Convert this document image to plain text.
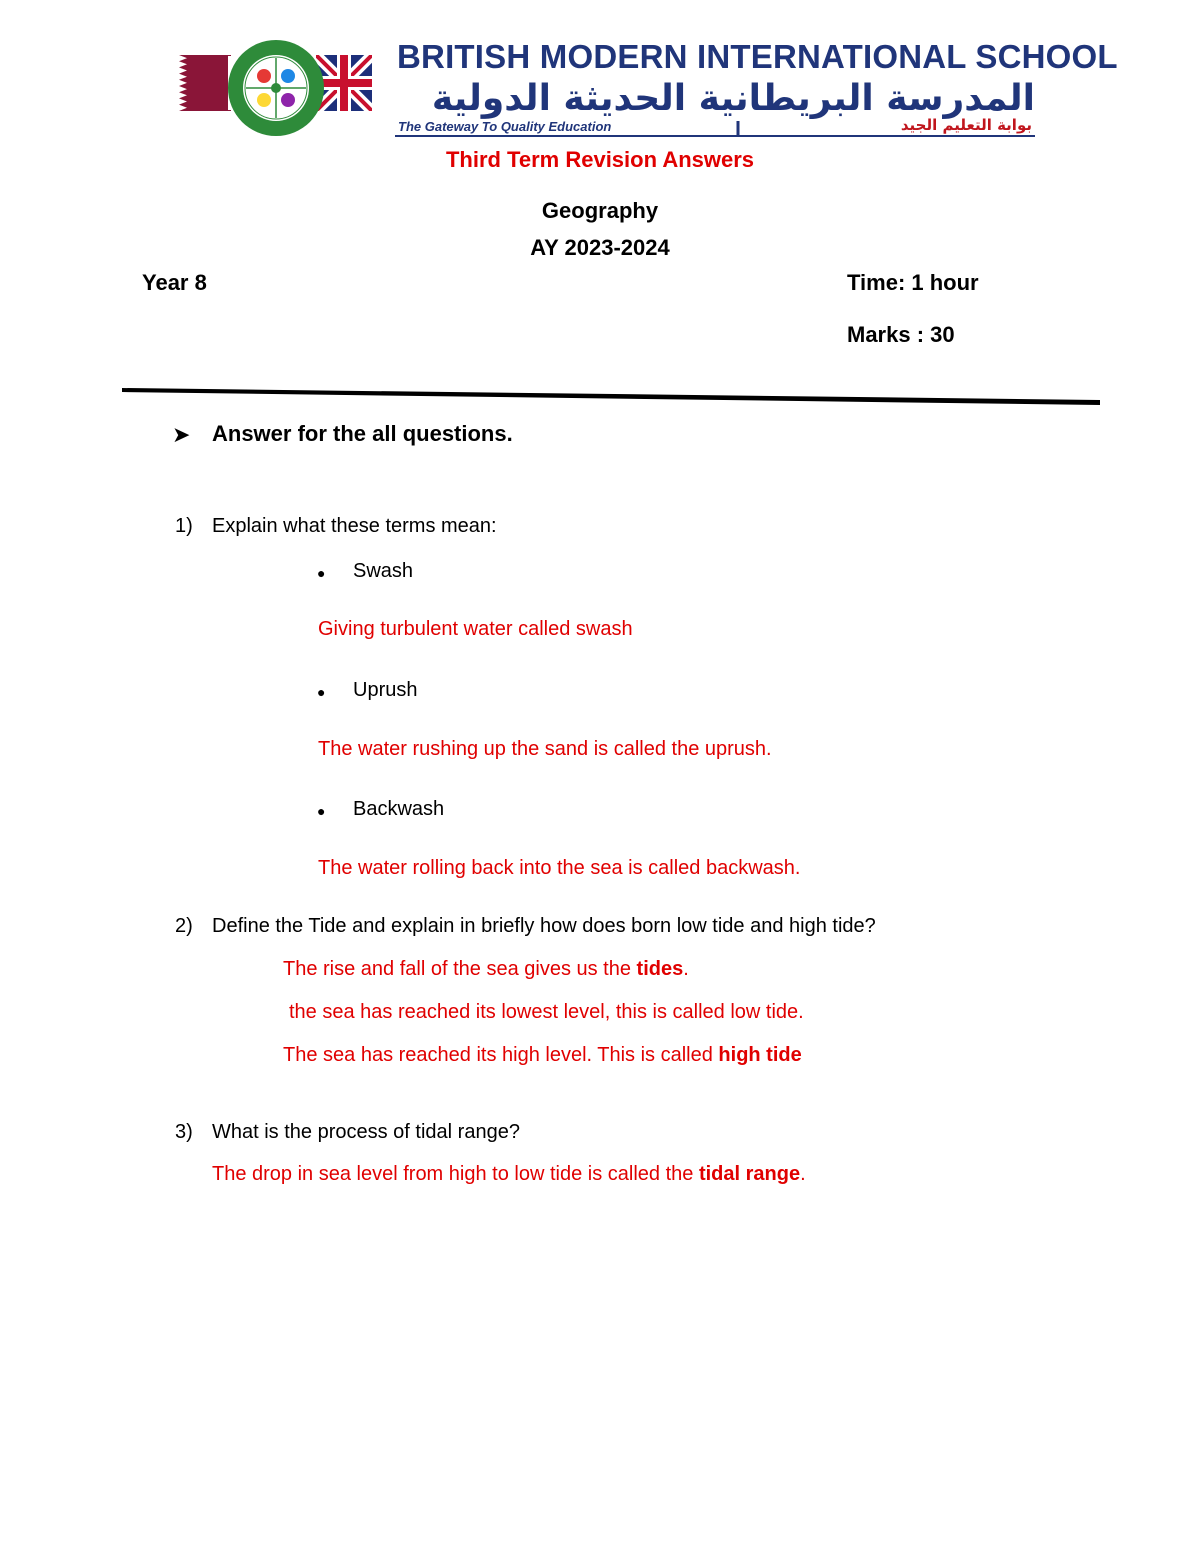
BRITISH MODERN INTERNATIONAL SCHOOL
المدرسة البريطانية الحديثة الدولية
The Gateway To Quality Education	بوابة التعليم الجيد
Third Term Revision Answers
Geography
AY 2023-2024
Year 8	Time: 1 hour
Marks : 30
➤ Answer for the all questions.
1) Explain what these terms mean:
● Swash
Giving turbulent water called swash
● Uprush
The water rushing up the sand is called the uprush.
● Backwash
The water rolling back into the sea is called backwash.
2) Define the Tide and explain in briefly how does born low tide and high tide?
The rise and fall of the sea gives us the tides.
the sea has reached its lowest level, this is called low tide.
The sea has reached its high level. This is called high tide
3) What is the process of tidal range?
The drop in sea level from high to low tide is called the tidal range.
